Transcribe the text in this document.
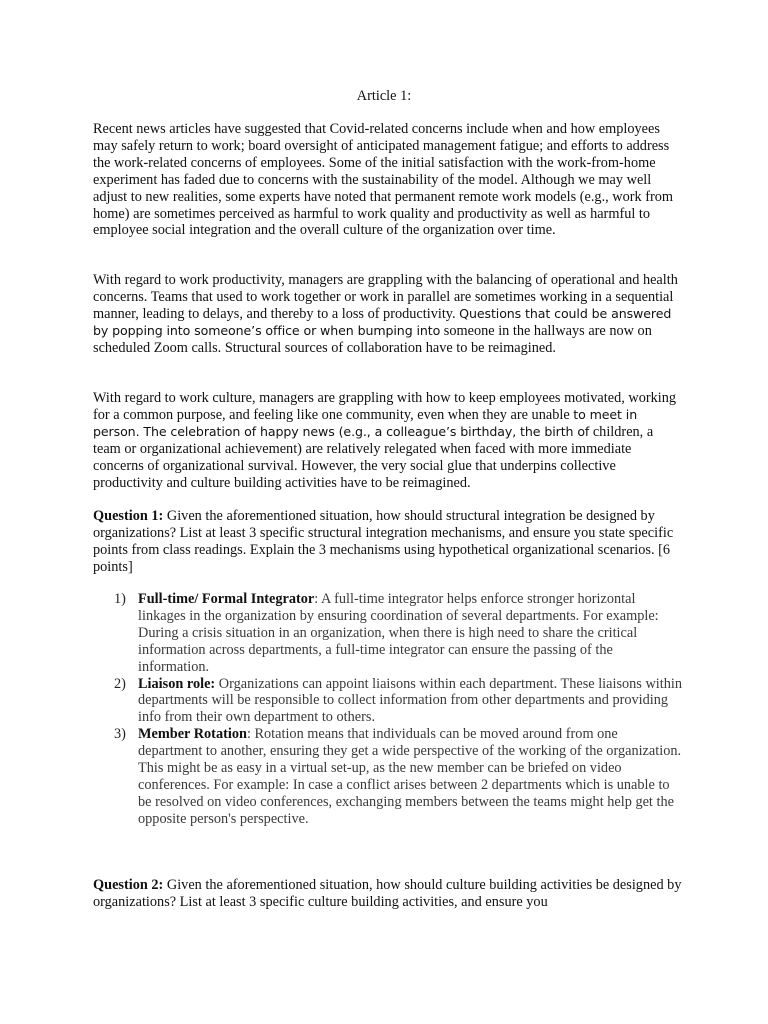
Article 1:

Recent news articles have suggested that Covid-related concerns include when and how employees may safely return to work; board oversight of anticipated management fatigue; and efforts to address the work-related concerns of employees. Some of the initial satisfaction with the work-from-home experiment has faded due to concerns with the sustainability of the model. Although we may well adjust to new realities, some experts have noted that permanent remote work models (e.g., work from home) are sometimes perceived as harmful to work quality and productivity as well as harmful to employee social integration and the overall culture of the organization over time.

With regard to work productivity, managers are grappling with the balancing of operational and health concerns. Teams that used to work together or work in parallel are sometimes working in a sequential manner, leading to delays, and thereby to a loss of productivity. Questions that could be answered by popping into someone’s office or when bumping into someone in the hallways are now on scheduled Zoom calls. Structural sources of collaboration have to be reimagined.

With regard to work culture, managers are grappling with how to keep employees motivated, working for a common purpose, and feeling like one community, even when they are unable to meet in person. The celebration of happy news (e.g., a colleague’s birthday, the birth of children, a team or organizational achievement) are relatively relegated when faced with more immediate concerns of organizational survival. However, the very social glue that underpins collective productivity and culture building activities have to be reimagined.

Question 1: Given the aforementioned situation, how should structural integration be designed by organizations? List at least 3 specific structural integration mechanisms, and ensure you state specific points from class readings. Explain the 3 mechanisms using hypothetical organizational scenarios. [6 points]

1) Full-time/ Formal Integrator: A full-time integrator helps enforce stronger horizontal linkages in the organization by ensuring coordination of several departments. For example: During a crisis situation in an organization, when there is high need to share the critical information across departments, a full-time integrator can ensure the passing of the information.
2) Liaison role: Organizations can appoint liaisons within each department. These liaisons within departments will be responsible to collect information from other departments and providing info from their own department to others.
3) Member Rotation: Rotation means that individuals can be moved around from one department to another, ensuring they get a wide perspective of the working of the organization. This might be as easy in a virtual set-up, as the new member can be briefed on video conferences. For example: In case a conflict arises between 2 departments which is unable to be resolved on video conferences, exchanging members between the teams might help get the opposite person's perspective.

Question 2: Given the aforementioned situation, how should culture building activities be designed by organizations? List at least 3 specific culture building activities, and ensure you
